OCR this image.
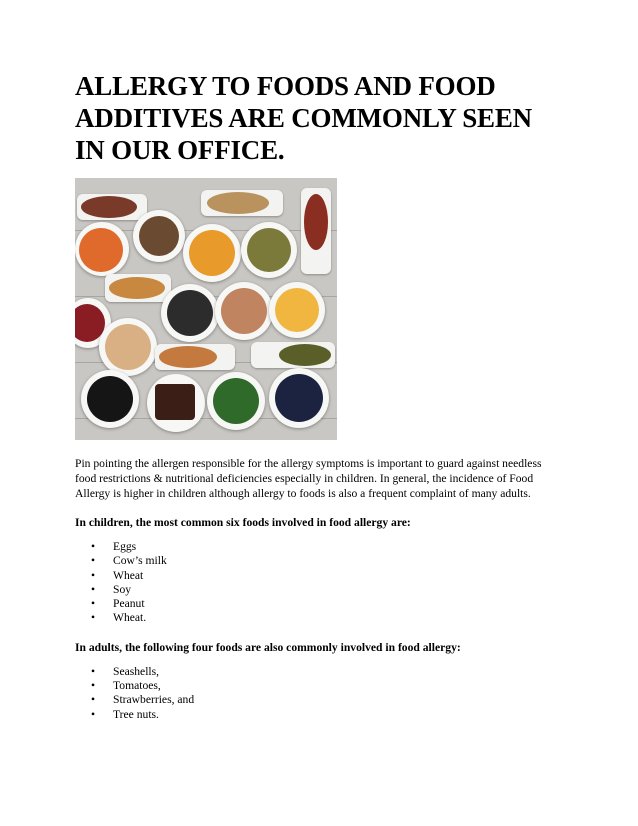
ALLERGY TO FOODS AND FOOD ADDITIVES ARE COMMONLY SEEN IN OUR OFFICE.

Pin pointing the allergen responsible for the allergy symptoms is important to guard against needless food restrictions & nutritional deficiencies especially in children. In general, the incidence of Food Allergy is higher in children although allergy to foods is also a frequent complaint of many adults.

In children, the most common six foods involved in food allergy are:

• Eggs
• Cow’s milk
• Wheat
• Soy
• Peanut
• Wheat.

In adults, the following four foods are also commonly involved in food allergy:

• Seashells,
• Tomatoes,
• Strawberries, and
• Tree nuts.
